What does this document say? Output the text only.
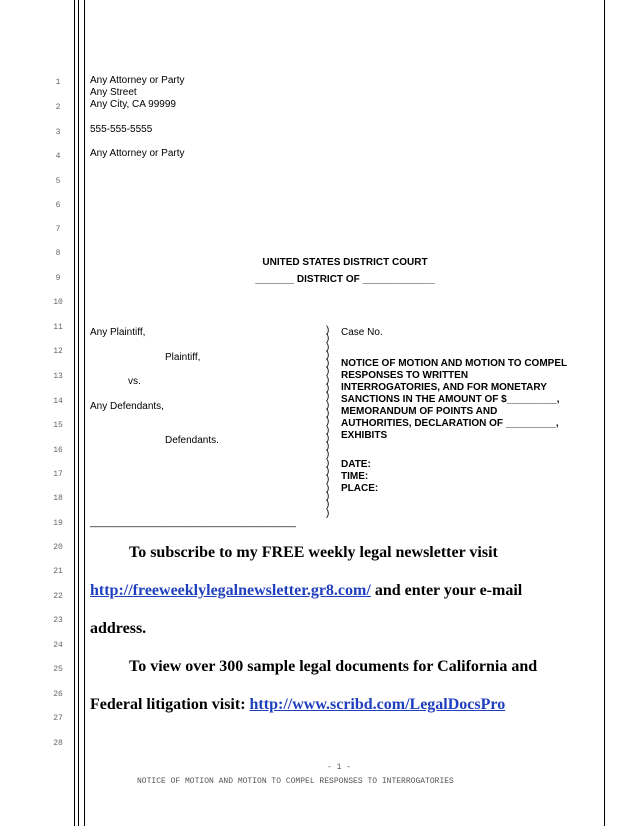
1
2
3
4
5
6
7
8
9
10
11
12
13
14
15
16
17
18
19
20
21
22
23
24
25
26
27
28
Any Attorney or Party
Any Street
Any City, CA 99999
555-555-5555
Any Attorney or Party
UNITED STATES DISTRICT COURT
_______ DISTRICT OF _____________
Any Plaintiff,
Plaintiff,
vs.
Any Defendants,
Defendants.
_____________________________________
)
)
)
)
)
)
)
)
)
)
)
)
)
)
)
)
)
)
)
)
)
)
)
Case No.
NOTICE OF MOTION AND MOTION TO COMPEL
RESPONSES TO WRITTEN
INTERROGATORIES, AND FOR MONETARY
SANCTIONS IN THE AMOUNT OF $_________,
MEMORANDUM OF POINTS AND
AUTHORITIES, DECLARATION OF _________,
EXHIBITS
DATE:
TIME:
PLACE:
To subscribe to my FREE weekly legal newsletter visit
http://freeweeklylegalnewsletter.gr8.com/ and enter your e-mail
address.
To view over 300 sample legal documents for California and
Federal litigation visit: http://www.scribd.com/LegalDocsPro
- 1 -
NOTICE OF MOTION AND MOTION TO COMPEL RESPONSES TO INTERROGATORIES
